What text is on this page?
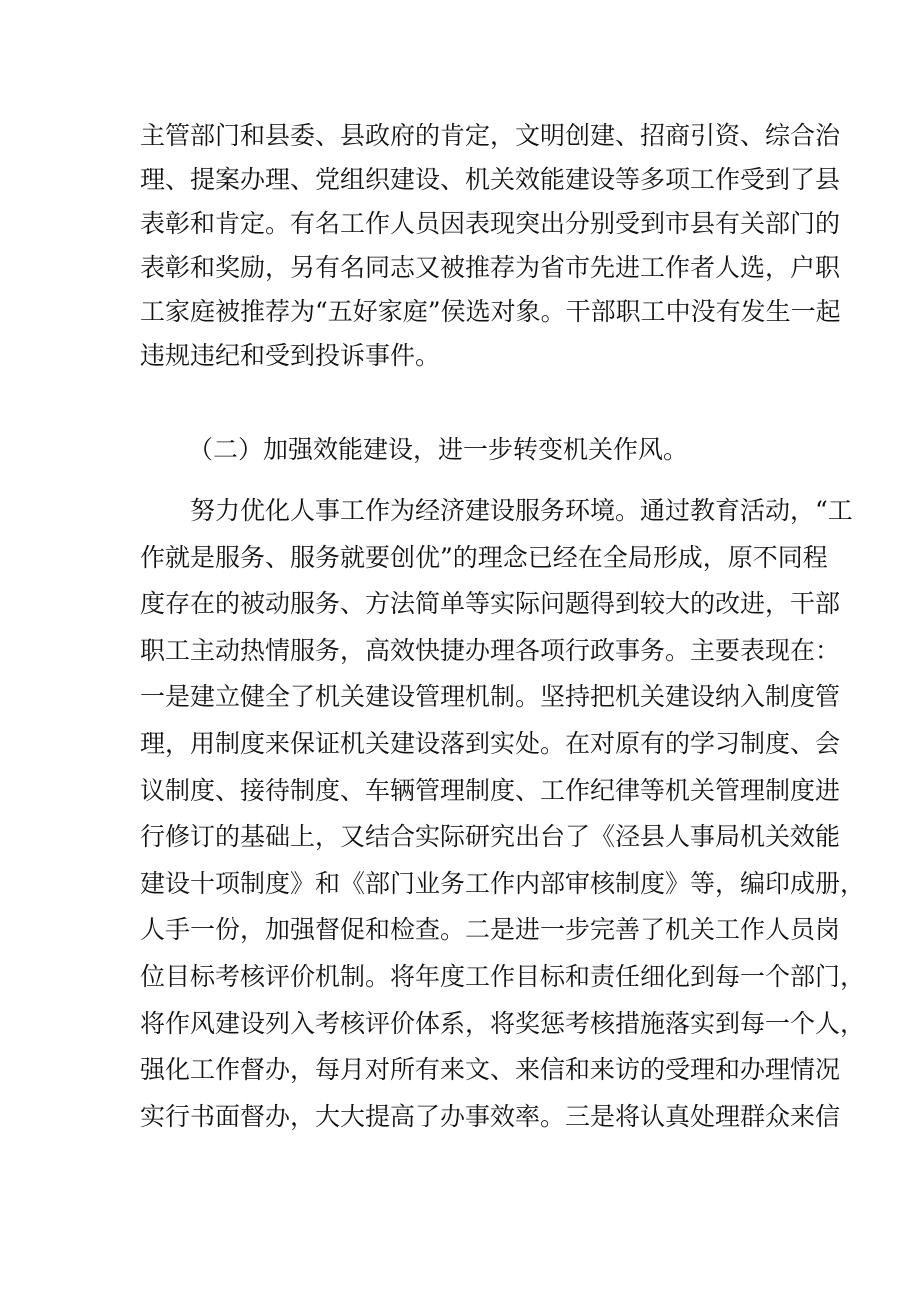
主管部门和县委、县政府的肯定，文明创建、招商引资、综合治
理、提案办理、党组织建设、机关效能建设等多项工作受到了县
表彰和肯定。有名工作人员因表现突出分别受到市县有关部门的
表彰和奖励，另有名同志又被推荐为省市先进工作者人选，户职
工家庭被推荐为“五好家庭”侯选对象。干部职工中没有发生一起
违规违纪和受到投诉事件。
（二）加强效能建设，进一步转变机关作风。
　　努力优化人事工作为经济建设服务环境。通过教育活动，“工
作就是服务、服务就要创优”的理念已经在全局形成，原不同程
度存在的被动服务、方法简单等实际问题得到较大的改进，干部
职工主动热情服务，高效快捷办理各项行政事务。主要表现在：
一是建立健全了机关建设管理机制。坚持把机关建设纳入制度管
理，用制度来保证机关建设落到实处。在对原有的学习制度、会
议制度、接待制度、车辆管理制度、工作纪律等机关管理制度进
行修订的基础上，又结合实际研究出台了《泾县人事局机关效能
建设十项制度》和《部门业务工作内部审核制度》等，编印成册，
人手一份，加强督促和检查。二是进一步完善了机关工作人员岗
位目标考核评价机制。将年度工作目标和责任细化到每一个部门，
将作风建设列入考核评价体系，将奖惩考核措施落实到每一个人，
强化工作督办，每月对所有来文、来信和来访的受理和办理情况
实行书面督办，大大提高了办事效率。三是将认真处理群众来信
